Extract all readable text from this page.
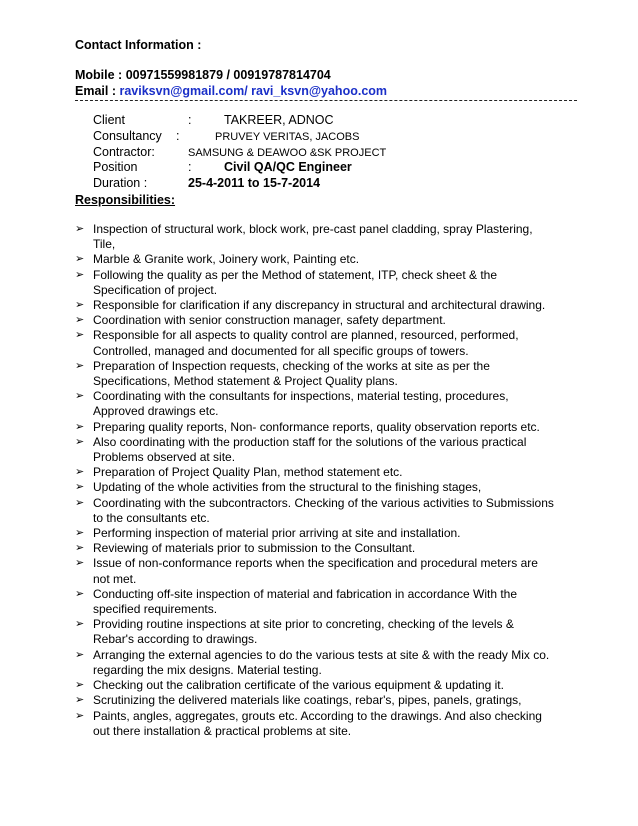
Contact Information :
Mobile : 00971559981879 / 00919787814704
Email : raviksvn@gmail.com/ ravi_ksvn@yahoo.com
Client	:	TAKREER, ADNOC
Consultancy :	PRUVEY VERITAS, JACOBS
Contractor:	SAMSUNG & DEAWOO &SK PROJECT
Position	:	Civil QA/QC Engineer
Duration :	25-4-2011 to 15-7-2014
Responsibilities:
➢ Inspection of structural work, block work, pre-cast panel cladding, spray Plastering, Tile,
➢ Marble & Granite work, Joinery work, Painting etc.
➢ Following the quality as per the Method of statement, ITP, check sheet & the Specification of project.
➢ Responsible for clarification if any discrepancy in structural and architectural drawing.
➢ Coordination with senior construction manager, safety department.
➢ Responsible for all aspects to quality control are planned, resourced, performed, Controlled, managed and documented for all specific groups of towers.
➢ Preparation of Inspection requests, checking of the works at site as per the Specifications, Method statement & Project Quality plans.
➢ Coordinating with the consultants for inspections, material testing, procedures, Approved drawings etc.
➢ Preparing quality reports, Non- conformance reports, quality observation reports etc.
➢ Also coordinating with the production staff for the solutions of the various practical Problems observed at site.
➢ Preparation of Project Quality Plan, method statement etc.
➢ Updating of the whole activities from the structural to the finishing stages,
➢ Coordinating with the subcontractors. Checking of the various activities to Submissions to the consultants etc.
➢ Performing inspection of material prior arriving at site and installation.
➢ Reviewing of materials prior to submission to the Consultant.
➢ Issue of non-conformance reports when the specification and procedural meters are not met.
➢ Conducting off-site inspection of material and fabrication in accordance With the specified requirements.
➢ Providing routine inspections at site prior to concreting, checking of the levels & Rebar's according to drawings.
➢ Arranging the external agencies to do the various tests at site & with the ready Mix co. regarding the mix designs. Material testing.
➢ Checking out the calibration certificate of the various equipment & updating it.
➢ Scrutinizing the delivered materials like coatings, rebar's, pipes, panels, gratings,
➢ Paints, angles, aggregates, grouts etc. According to the drawings. And also checking out there installation & practical problems at site.
